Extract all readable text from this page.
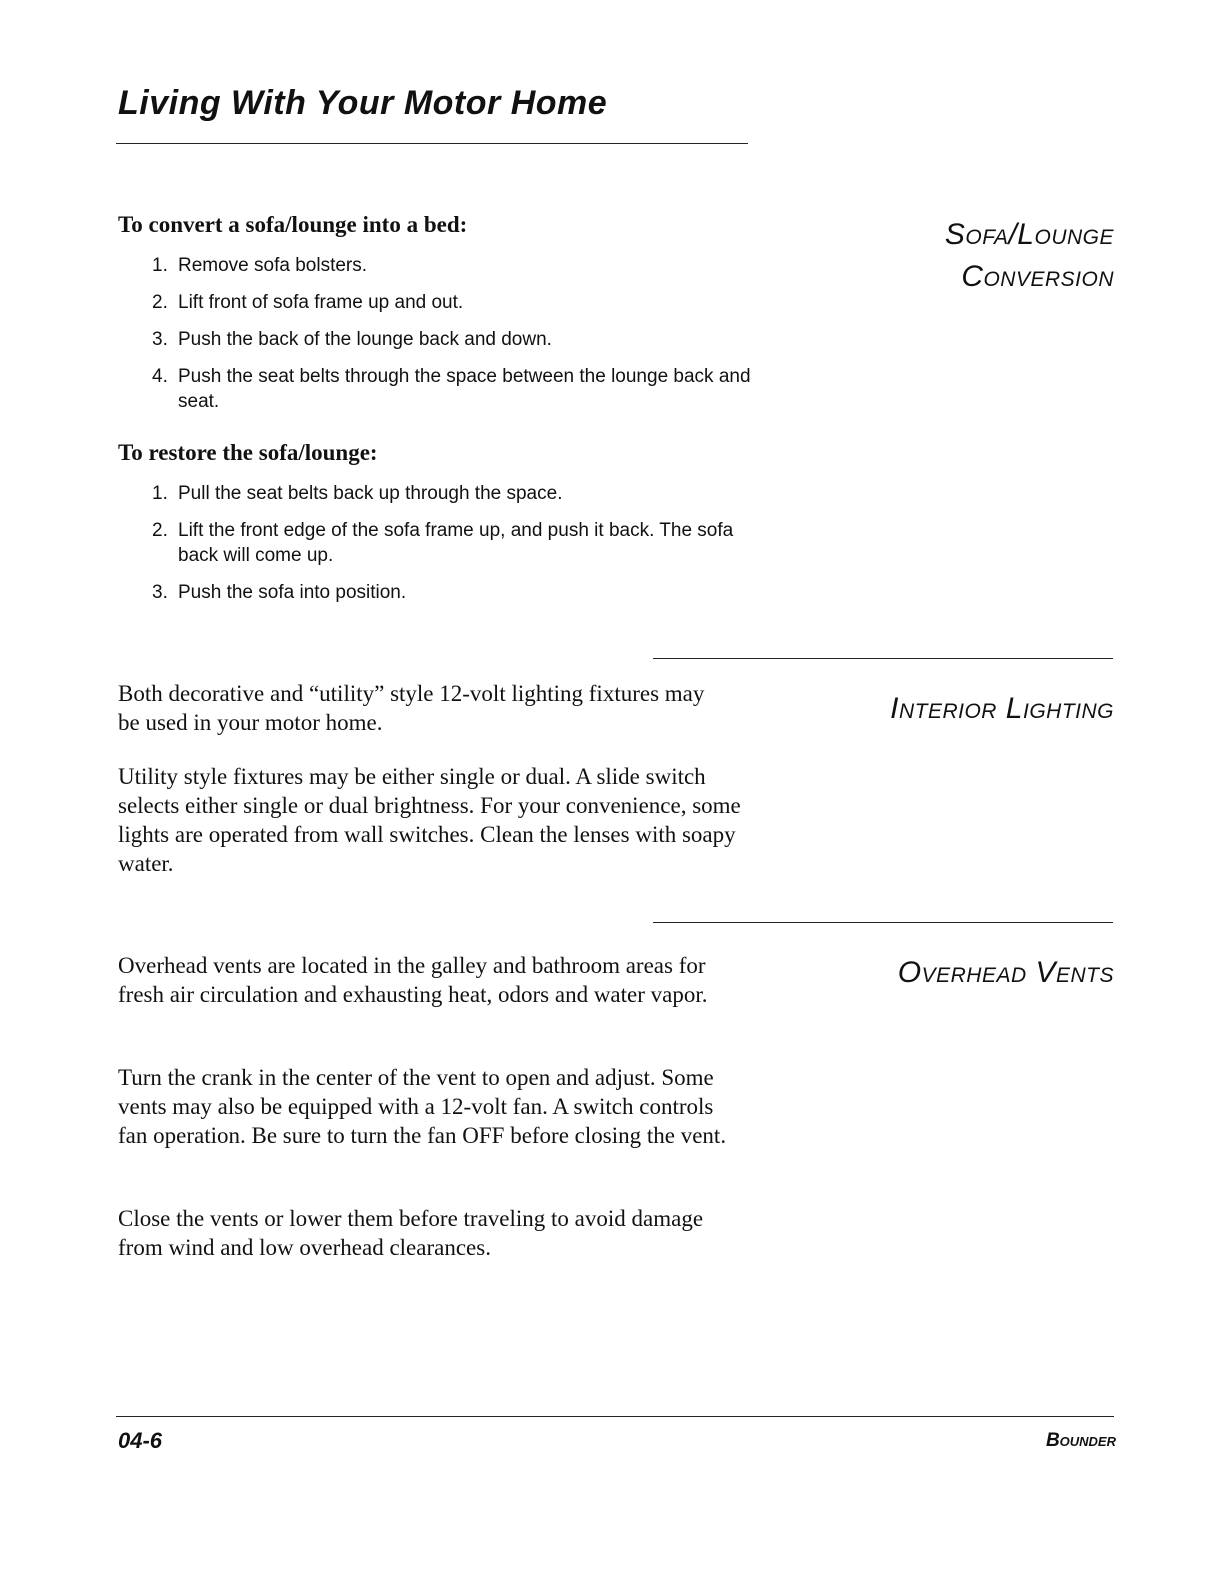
Living With Your Motor Home
Sofa/Lounge
Conversion
To convert a sofa/lounge into a bed:
1. Remove sofa bolsters.
2. Lift front of sofa frame up and out.
3. Push the back of the lounge back and down.
4. Push the seat belts through the space between the lounge back and seat.
To restore the sofa/lounge:
1. Pull the seat belts back up through the space.
2. Lift the front edge of the sofa frame up, and push it back. The sofa back will come up.
3. Push the sofa into position.
Interior Lighting

Both decorative and “utility” style 12-volt lighting fixtures may be used in your motor home.

Utility style fixtures may be either single or dual. A slide switch selects either single or dual brightness. For your convenience, some lights are operated from wall switches. Clean the lenses with soapy water.

Overhead Vents

Overhead vents are located in the galley and bathroom areas for fresh air circulation and exhausting heat, odors and water vapor.

Turn the crank in the center of the vent to open and adjust. Some vents may also be equipped with a 12-volt fan. A switch controls fan operation. Be sure to turn the fan OFF before closing the vent.

Close the vents or lower them before traveling to avoid damage from wind and low overhead clearances.

04-6	Bounder
